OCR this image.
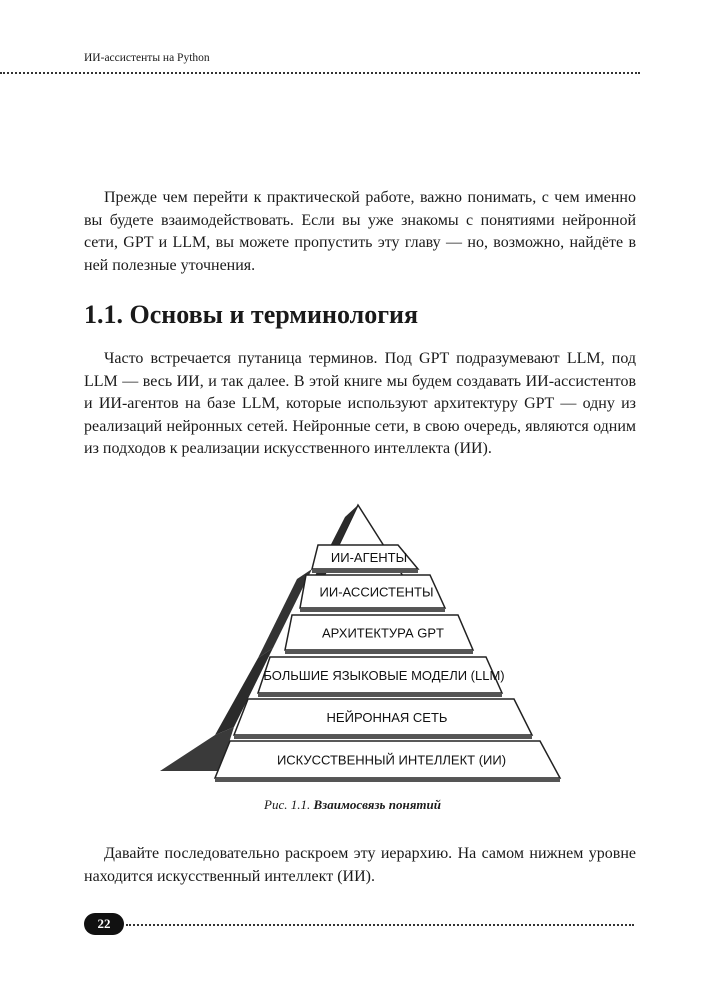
ИИ-ассистенты на Python

Прежде чем перейти к практической работе, важно понимать, с чем именно вы будете взаимодействовать. Если вы уже знакомы с понятиями нейронной сети, GPT и LLM, вы можете пропустить эту главу — но, возможно, найдёте в ней полезные уточнения.

1.1. Основы и терминология

Часто встречается путаница терминов. Под GPT подразумевают LLM, под LLM — весь ИИ, и так далее. В этой книге мы будем создавать ИИ-ассистентов и ИИ-агентов на базе LLM, которые используют архитектуру GPT — одну из реализаций нейронных сетей. Нейронные сети, в свою очередь, являются одним из подходов к реализации искусственного интеллекта (ИИ).

ИИ-АГЕНТЫ
ИИ-АССИСТЕНТЫ
АРХИТЕКТУРА GPT
БОЛЬШИЕ ЯЗЫКОВЫЕ МОДЕЛИ (LLM)
НЕЙРОННАЯ СЕТЬ
ИСКУССТВЕННЫЙ ИНТЕЛЛЕКТ (ИИ)
Рис. 1.1. Взаимосвязь понятий

Давайте последовательно раскроем эту иерархию. На самом нижнем уровне находится искусственный интеллект (ИИ).

22
